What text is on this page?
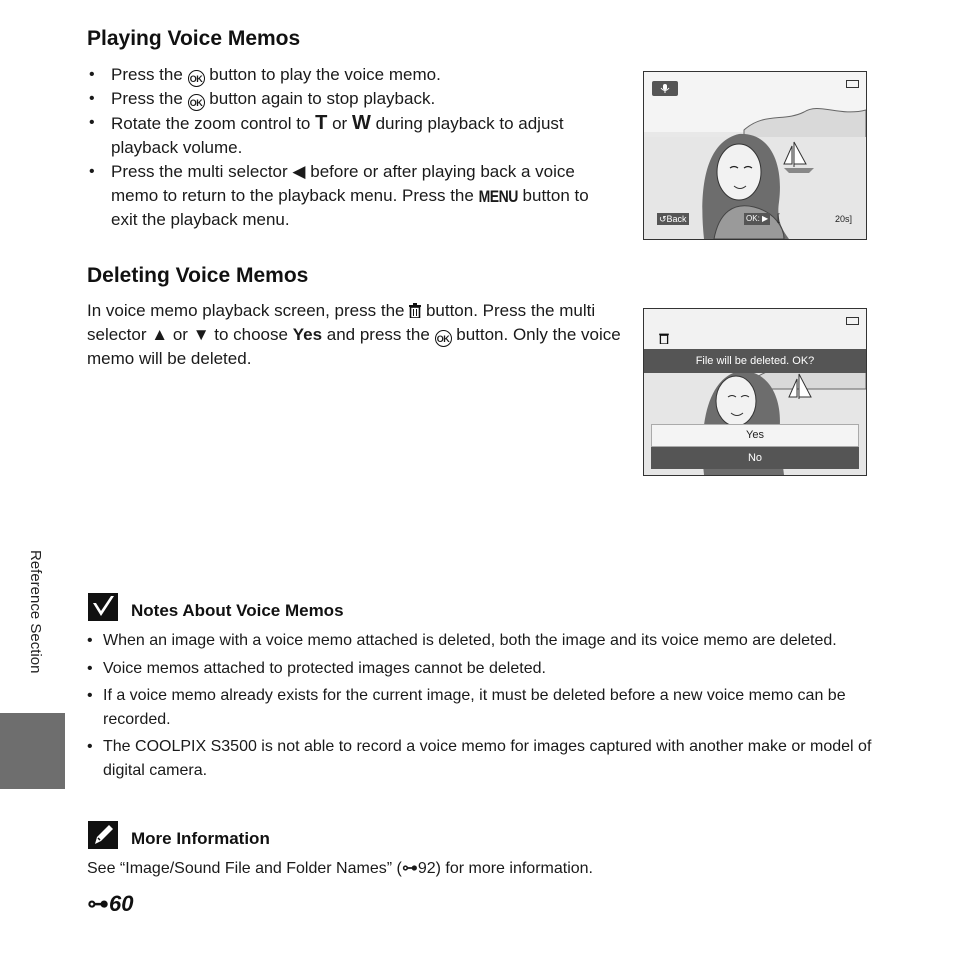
Playing Voice Memos
• Press the OK button to play the voice memo.
• Press the OK button again to stop playback.
• Rotate the zoom control to T or W during playback to adjust playback volume.
• Press the multi selector ◀ before or after playing back a voice memo to return to the playback menu. Press the MENU button to exit the playback menu.	↺Back	OK: ▶ [	20s]
Deleting Voice Memos
In voice memo playback screen, press the button. Press the multi selector ▲ or ▼ to choose Yes and press the OK button. Only the voice memo will be deleted.	File will be deleted. OK?
Yes
No
Notes About Voice Memos
• When an image with a voice memo attached is deleted, both the image and its voice memo are deleted.
• Voice memos attached to protected images cannot be deleted.
• If a voice memo already exists for the current image, it must be deleted before a new voice memo can be recorded.
• The COOLPIX S3500 is not able to record a voice memo for images captured with another make or model of digital camera.
More Information
See “Image/Sound File and Folder Names” (⊶92) for more information.
Reference Section
⊶60
